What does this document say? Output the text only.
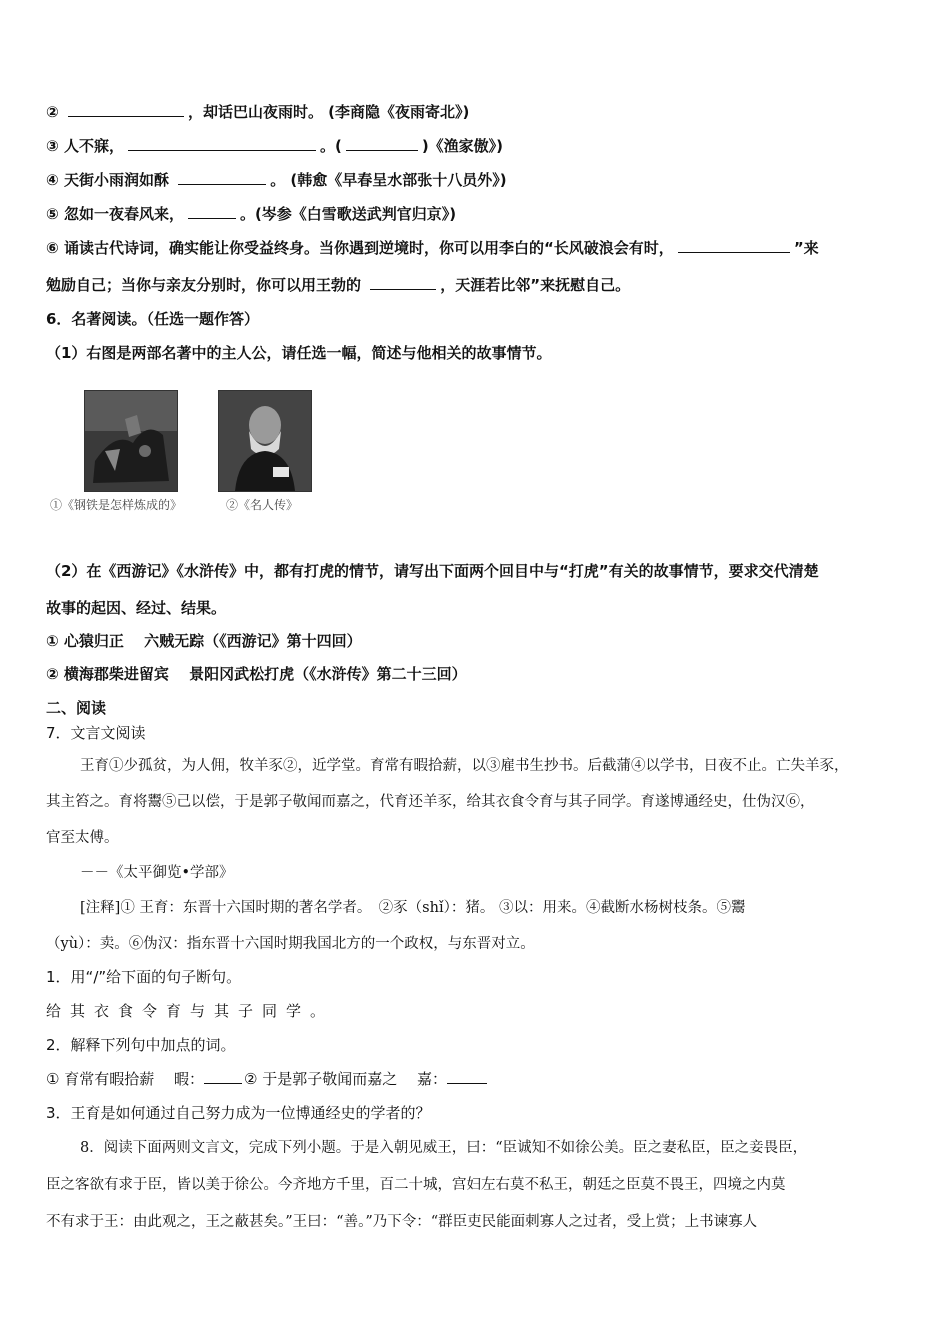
②	，却话巴山夜雨时。 (李商隐《夜雨寄北》)
③ 人不寐，	。(	)《渔家傲》)
④ 天街小雨润如酥	。 (韩愈《早春呈水部张十八员外》)
⑤ 忽如一夜春风来，	。(岑参《白雪歌送武判官归京》)
⑥ 诵读古代诗词，确实能让你受益终身。当你遇到逆境时，你可以用李白的“长风破浪会有时，	”来
勉励自己；当你与亲友分别时，你可以用王勃的	，天涯若比邻”来抚慰自己。
6．名著阅读。（任选一题作答）
（1）右图是两部名著中的主人公，请任选一幅，简述与他相关的故事情节。
①《钢铁是怎样炼成的》	②《名人传》
（2）在《西游记》《水浒传》中，都有打虎的情节，请写出下面两个回目中与“打虎”有关的故事情节，要求交代清楚
故事的起因、经过、结果。
① 心猿归正　 六贼无踪（《西游记》第十四回）
② 横海郡柴进留宾　 景阳冈武松打虎（《水浒传》第二十三回）
二、阅读
7．文言文阅读
王育①少孤贫，为人佣，牧羊豕②，近学堂。育常有暇拾薪，以③雇书生抄书。后截蒲④以学书，日夜不止。亡失羊豕，
其主笞之。育将鬻⑤己以偿，于是郭子敬闻而嘉之，代育还羊豕，给其衣食令育与其子同学。育遂博通经史，仕伪汉⑥，
官至太傅。
－－《太平御览•学部》
[注释]① 王育：东晋十六国时期的著名学者。　②豕（shǐ）：猪。 ③以：用来。④截断水杨树枝条。⑤鬻
（yù）：卖。⑥伪汉：指东晋十六国时期我国北方的一个政权，与东晋对立。
1．用“/”给下面的句子断句。
给其衣食令育与其子同学。
2．解释下列句中加点的词。
① 育常有暇拾薪　 暇：	② 于是郭子敬闻而嘉之　 嘉：
3．王育是如何通过自己努力成为一位博通经史的学者的？
8．阅读下面两则文言文，完成下列小题。于是入朝见威王，曰：“臣诚知不如徐公美。臣之妻私臣，臣之妾畏臣，
臣之客欲有求于臣，皆以美于徐公。今齐地方千里，百二十城，宫妇左右莫不私王，朝廷之臣莫不畏王，四境之内莫
不有求于王：由此观之，王之蔽甚矣。”王曰：“善。”乃下令：“群臣吏民能面刺寡人之过者，受上赏；上书谏寡人
